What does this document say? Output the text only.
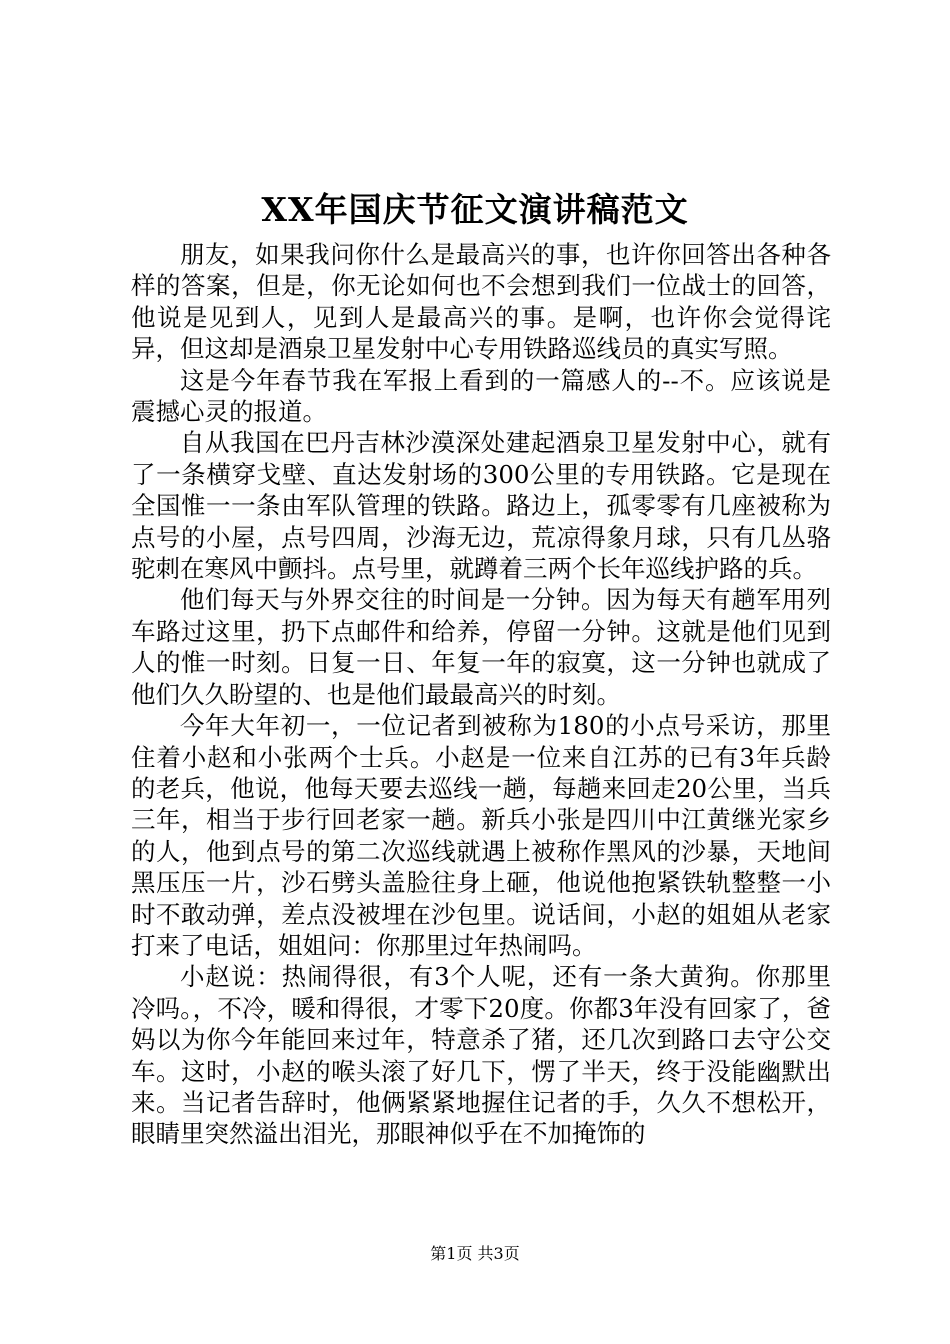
XX年国庆节征文演讲稿范文

朋友，如果我问你什么是最高兴的事，也许你回答出各种各样的答案，但是，你无论如何也不会想到我们一位战士的回答，他说是见到人，见到人是最高兴的事。是啊，也许你会觉得诧异，但这却是酒泉卫星发射中心专用铁路巡线员的真实写照。

这是今年春节我在军报上看到的一篇感人的--不。应该说是震撼心灵的报道。

自从我国在巴丹吉林沙漠深处建起酒泉卫星发射中心，就有了一条横穿戈壁、直达发射场的300公里的专用铁路。它是现在全国惟一一条由军队管理的铁路。路边上，孤零零有几座被称为点号的小屋，点号四周，沙海无边，荒凉得象月球，只有几丛骆驼刺在寒风中颤抖。点号里，就蹲着三两个长年巡线护路的兵。

他们每天与外界交往的时间是一分钟。因为每天有趟军用列车路过这里，扔下点邮件和给养，停留一分钟。这就是他们见到人的惟一时刻。日复一日、年复一年的寂寞，这一分钟也就成了他们久久盼望的、也是他们最最高兴的时刻。

今年大年初一，一位记者到被称为180的小点号采访，那里住着小赵和小张两个士兵。小赵是一位来自江苏的已有3年兵龄的老兵，他说，他每天要去巡线一趟，每趟来回走20公里，当兵三年，相当于步行回老家一趟。新兵小张是四川中江黄继光家乡的人，他到点号的第二次巡线就遇上被称作黑风的沙暴，天地间黑压压一片，沙石劈头盖脸往身上砸，他说他抱紧铁轨整整一小时不敢动弹，差点没被埋在沙包里。说话间，小赵的姐姐从老家打来了电话，姐姐问：你那里过年热闹吗。

小赵说：热闹得很，有3个人呢，还有一条大黄狗。你那里冷吗。，不冷，暖和得很，才零下20度。你都3年没有回家了，爸妈以为你今年能回来过年，特意杀了猪，还几次到路口去守公交车。这时，小赵的喉头滚了好几下，愣了半天，终于没能幽默出来。当记者告辞时，他俩紧紧地握住记者的手，久久不想松开，眼睛里突然溢出泪光，那眼神似乎在不加掩饰的

第1页 共3页
